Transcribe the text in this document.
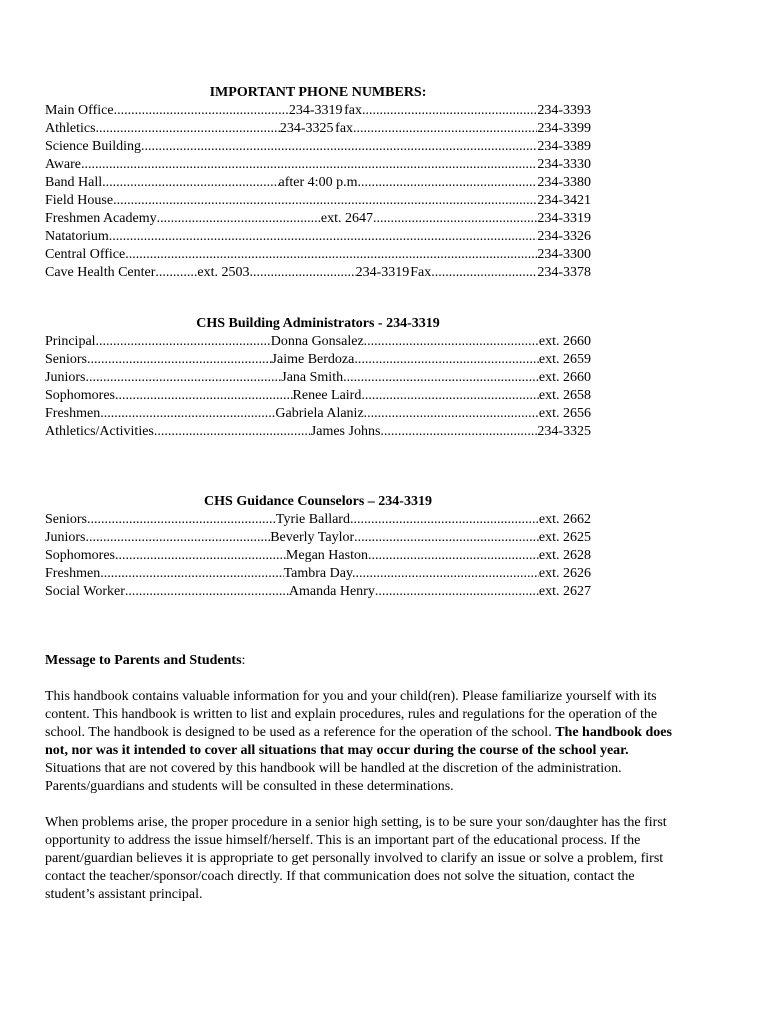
IMPORTANT PHONE NUMBERS:

Main Office .....	234-3319 fax .....	234-3393
Athletics .....	234-3325 fax .....	234-3399
Science Building .....	234-3389
Aware .....	234-3330
Band Hall .....	after 4:00 p.m. .....	234-3380
Field House .....	234-3421
Freshmen Academy .....	ext. 2647 .....	234-3319
Natatorium .....	234-3326
Central Office .....	234-3300
Cave Health Center .....	ext. 2503 .....	234-3319 Fax .....	234-3378

CHS Building Administrators - 234-3319

Principal .....	Donna Gonsalez .....	ext. 2660
Seniors .....	Jaime Berdoza .....	ext. 2659
Juniors .....	Jana Smith .....	ext. 2660
Sophomores .....	Renee Laird .....	ext. 2658
Freshmen .....	Gabriela Alaniz .....	ext. 2656
Athletics/Activities .....	James Johns .....	234-3325

CHS Guidance Counselors – 234-3319

Seniors .....	Tyrie Ballard .....	ext. 2662
Juniors .....	Beverly Taylor .....	ext. 2625
Sophomores .....	Megan Haston .....	ext. 2628
Freshmen .....	Tambra Day. .....	ext. 2626
Social Worker .....	Amanda Henry .....	ext. 2627
Message to Parents and Students:

This handbook contains valuable information for you and your child(ren). Please familiarize yourself with its content. This handbook is written to list and explain procedures, rules and regulations for the operation of the school. The handbook is designed to be used as a reference for the operation of the school. The handbook does not, nor was it intended to cover all situations that may occur during the course of the school year. Situations that are not covered by this handbook will be handled at the discretion of the administration. Parents/guardians and students will be consulted in these determinations.

When problems arise, the proper procedure in a senior high setting, is to be sure your son/daughter has the first opportunity to address the issue himself/herself. This is an important part of the educational process. If the parent/guardian believes it is appropriate to get personally involved to clarify an issue or solve a problem, first contact the teacher/sponsor/coach directly. If that communication does not solve the situation, contact the student’s assistant principal.
